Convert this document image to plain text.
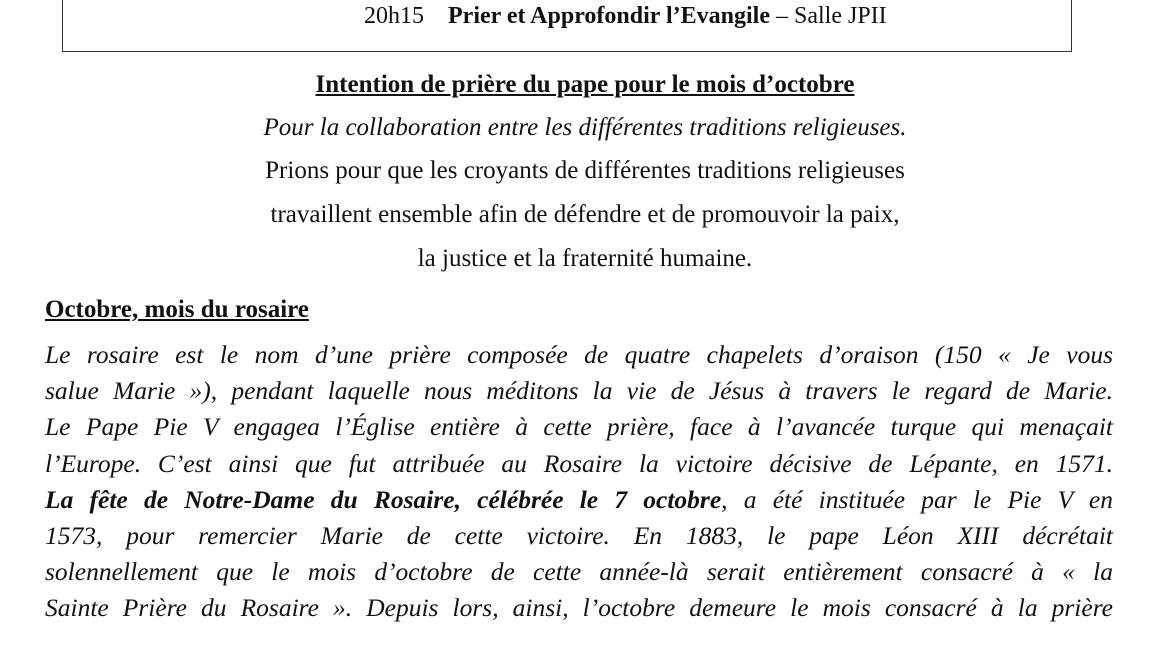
20h15 Prier et Approfondir l’Evangile – Salle JPII
Intention de prière du pape pour le mois d’octobre
Pour la collaboration entre les différentes traditions religieuses.
Prions pour que les croyants de différentes traditions religieuses
travaillent ensemble afin de défendre et de promouvoir la paix,
la justice et la fraternité humaine.
Octobre, mois du rosaire
Le rosaire est le nom d’une prière composée de quatre chapelets d’oraison (150 « Je vous
salue Marie »), pendant laquelle nous méditons la vie de Jésus à travers le regard de Marie.
Le Pape Pie V engagea l’Église entière à cette prière, face à l’avancée turque qui menaçait
l’Europe. C’est ainsi que fut attribuée au Rosaire la victoire décisive de Lépante, en 1571.
La fête de Notre-Dame du Rosaire, célébrée le 7 octobre, a été instituée par le Pie V en
1573, pour remercier Marie de cette victoire. En 1883, le pape Léon XIII décrétait
solennellement que le mois d’octobre de cette année-là serait entièrement consacré à « la
Sainte Prière du Rosaire ». Depuis lors, ainsi, l’octobre demeure le mois consacré à la prière
